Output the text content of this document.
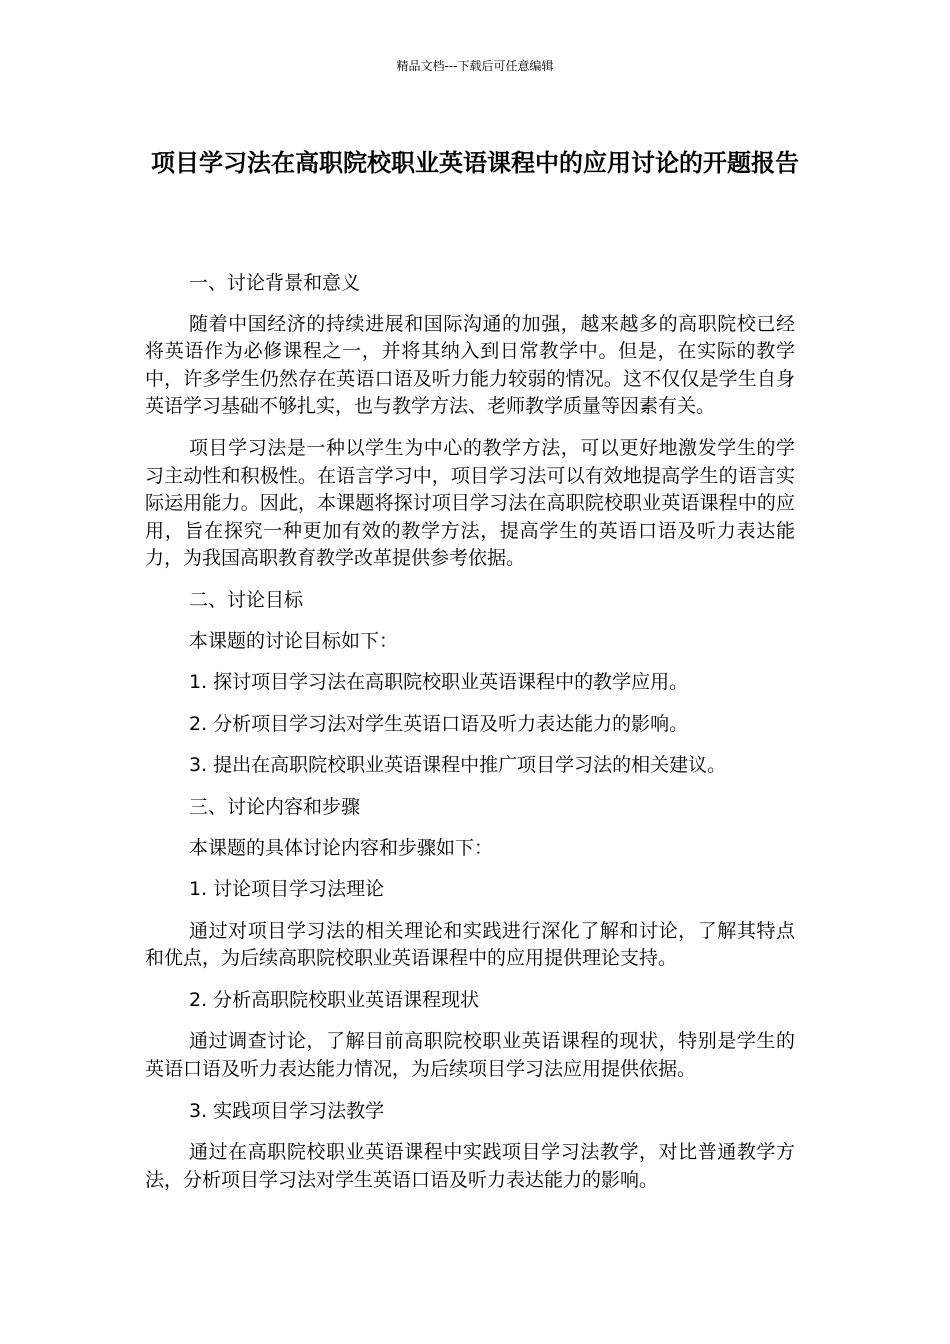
精品文档---下载后可任意编辑
项目学习法在高职院校职业英语课程中的应用讨论的开题报告

一、讨论背景和意义

随着中国经济的持续进展和国际沟通的加强，越来越多的高职院校已经将英语作为必修课程之一，并将其纳入到日常教学中。但是，在实际的教学中，许多学生仍然存在英语口语及听力能力较弱的情况。这不仅仅是学生自身英语学习基础不够扎实，也与教学方法、老师教学质量等因素有关。

项目学习法是一种以学生为中心的教学方法，可以更好地激发学生的学习主动性和积极性。在语言学习中，项目学习法可以有效地提高学生的语言实际运用能力。因此，本课题将探讨项目学习法在高职院校职业英语课程中的应用，旨在探究一种更加有效的教学方法，提高学生的英语口语及听力表达能力，为我国高职教育教学改革提供参考依据。

二、讨论目标

本课题的讨论目标如下：

1. 探讨项目学习法在高职院校职业英语课程中的教学应用。

2. 分析项目学习法对学生英语口语及听力表达能力的影响。

3. 提出在高职院校职业英语课程中推广项目学习法的相关建议。

三、讨论内容和步骤

本课题的具体讨论内容和步骤如下：

1. 讨论项目学习法理论

通过对项目学习法的相关理论和实践进行深化了解和讨论，了解其特点和优点，为后续高职院校职业英语课程中的应用提供理论支持。

2. 分析高职院校职业英语课程现状

通过调查讨论，了解目前高职院校职业英语课程的现状，特别是学生的英语口语及听力表达能力情况，为后续项目学习法应用提供依据。

3. 实践项目学习法教学

通过在高职院校职业英语课程中实践项目学习法教学，对比普通教学方法，分析项目学习法对学生英语口语及听力表达能力的影响。
